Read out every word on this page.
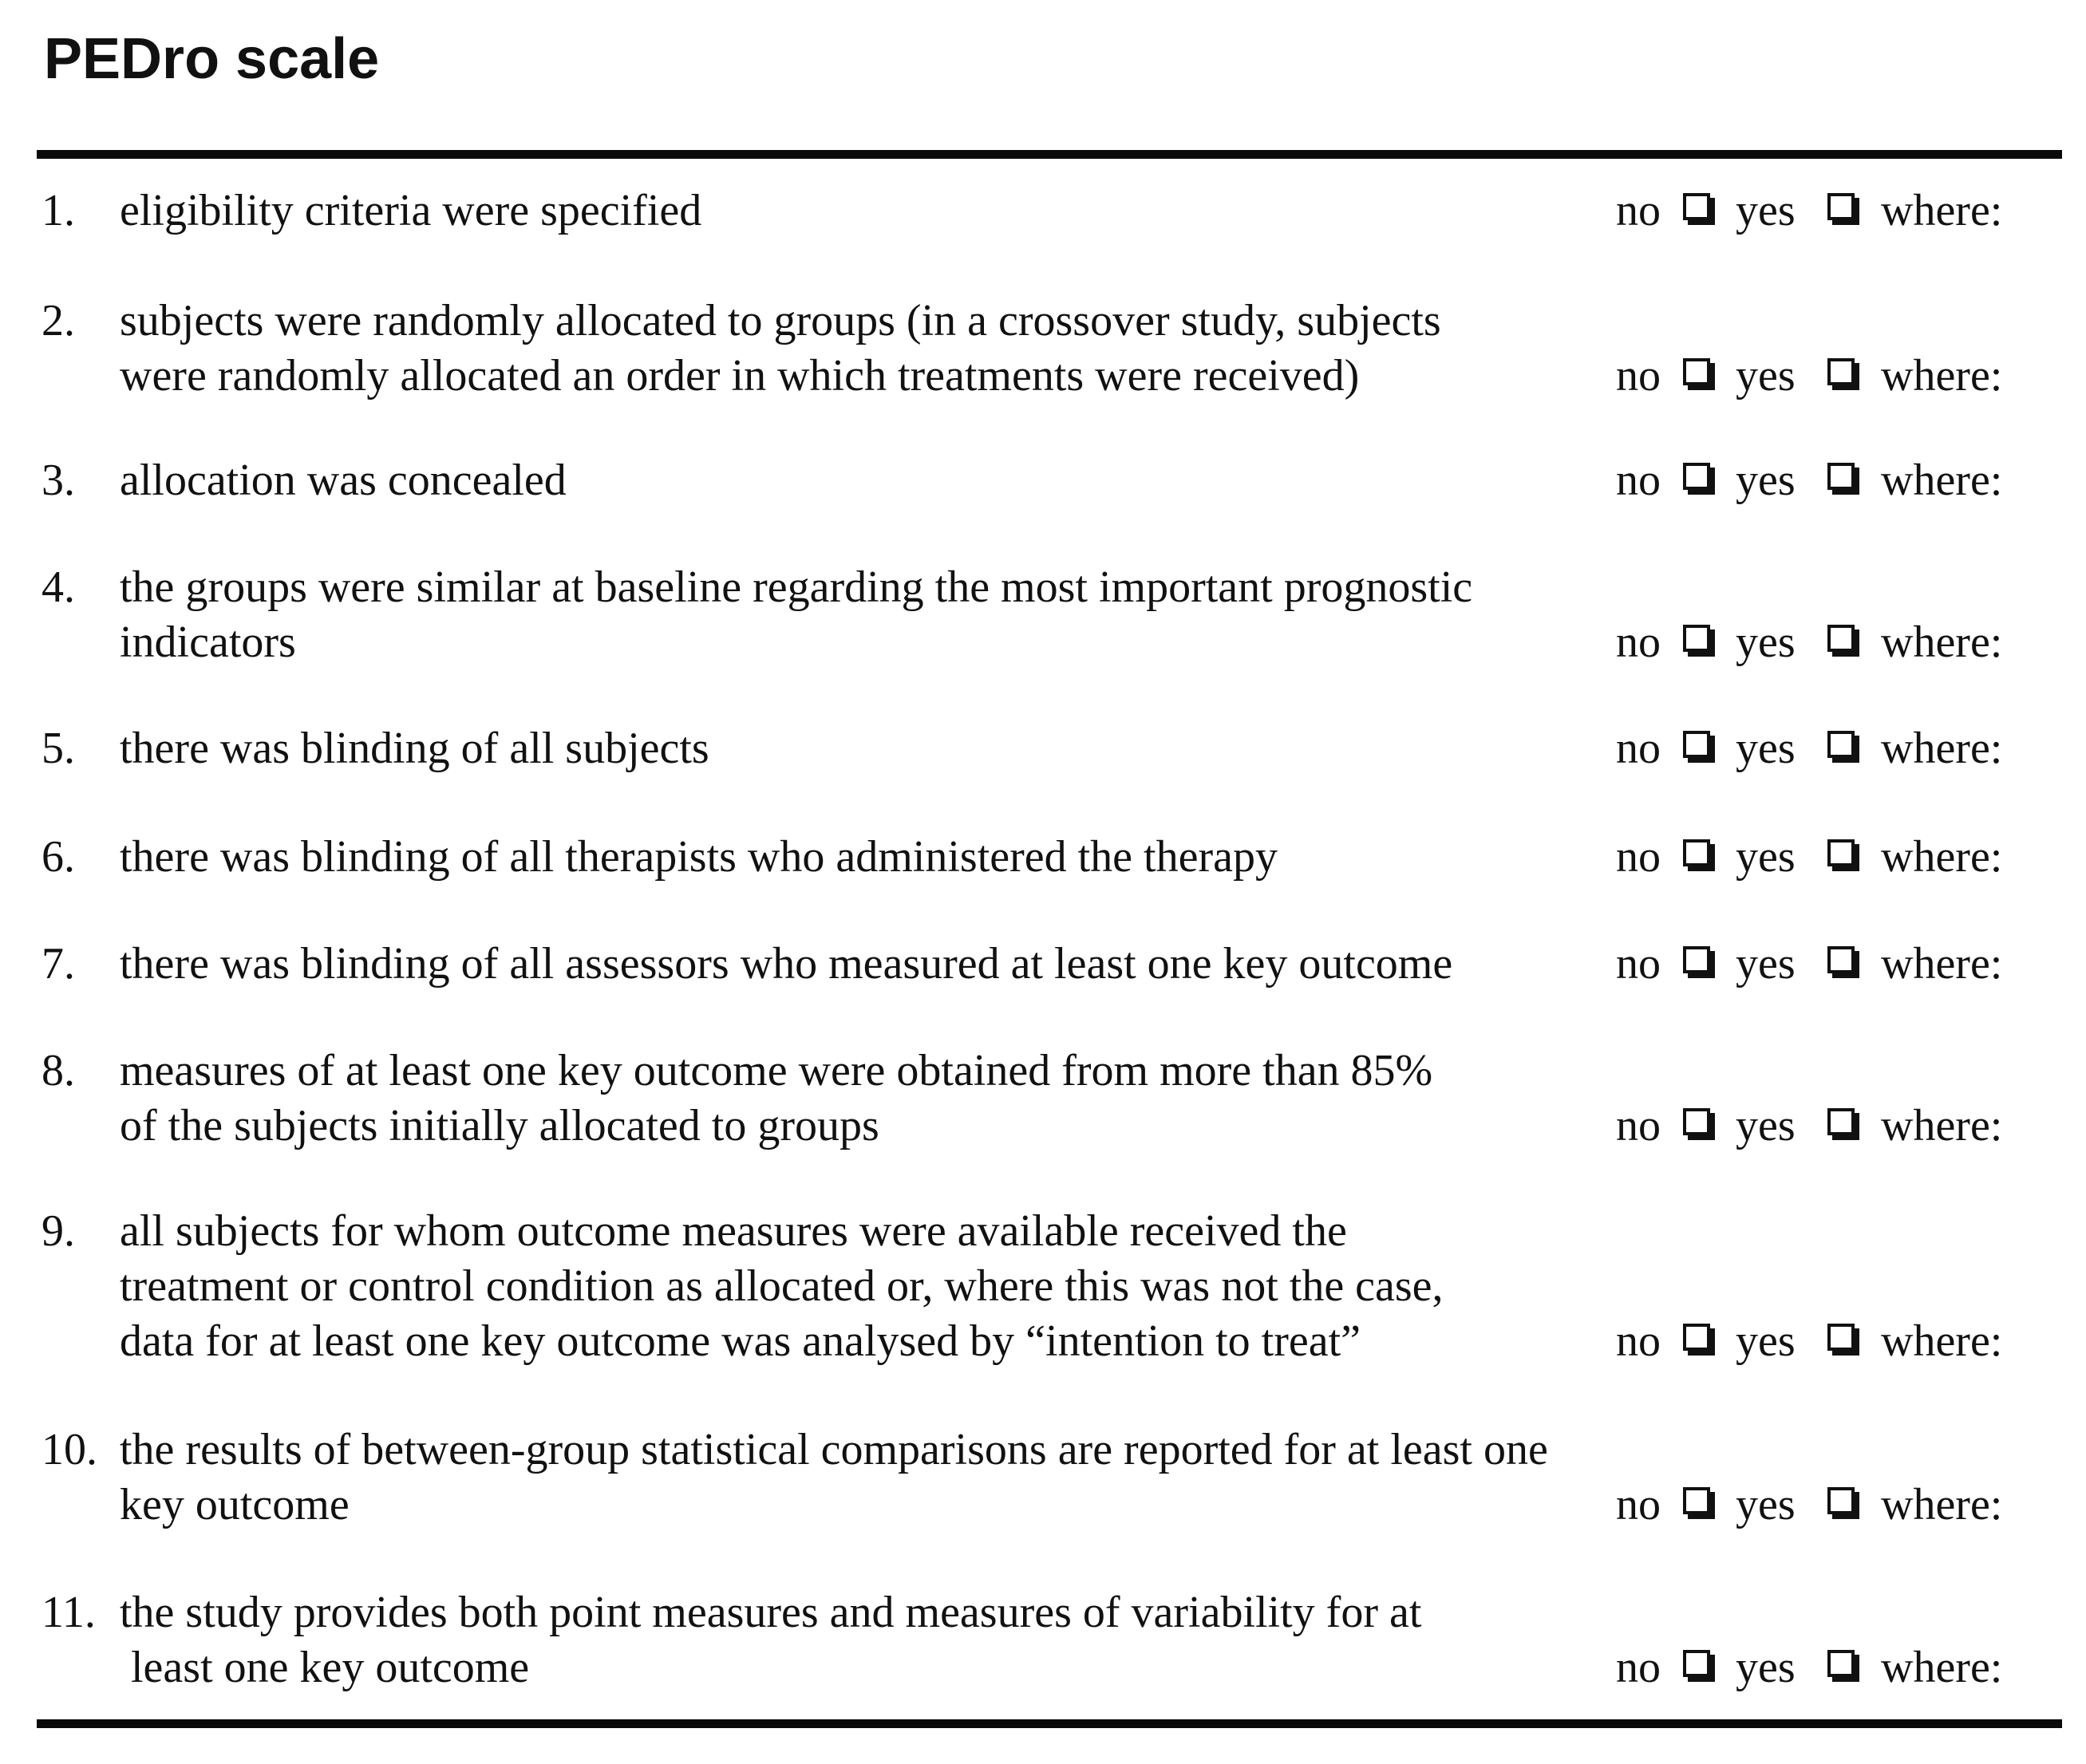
PEDro scale
1. eligibility criteria were specified	no yes where:
2. subjects were randomly allocated to groups (in a crossover study, subjects
were randomly allocated an order in which treatments were received)	no yes where:
3. allocation was concealed	no yes where:
4. the groups were similar at baseline regarding the most important prognostic
indicators	no yes where:
5. there was blinding of all subjects	no yes where:
6. there was blinding of all therapists who administered the therapy	no yes where:
7. there was blinding of all assessors who measured at least one key outcome	no yes where:
8. measures of at least one key outcome were obtained from more than 85%
of the subjects initially allocated to groups	no yes where:
9. all subjects for whom outcome measures were available received the
treatment or control condition as allocated or, where this was not the case,
data for at least one key outcome was analysed by “intention to treat”	no yes where:
10. the results of between-group statistical comparisons are reported for at least one
key outcome	no yes where:
11. the study provides both point measures and measures of variability for at
least one key outcome	no yes where:
